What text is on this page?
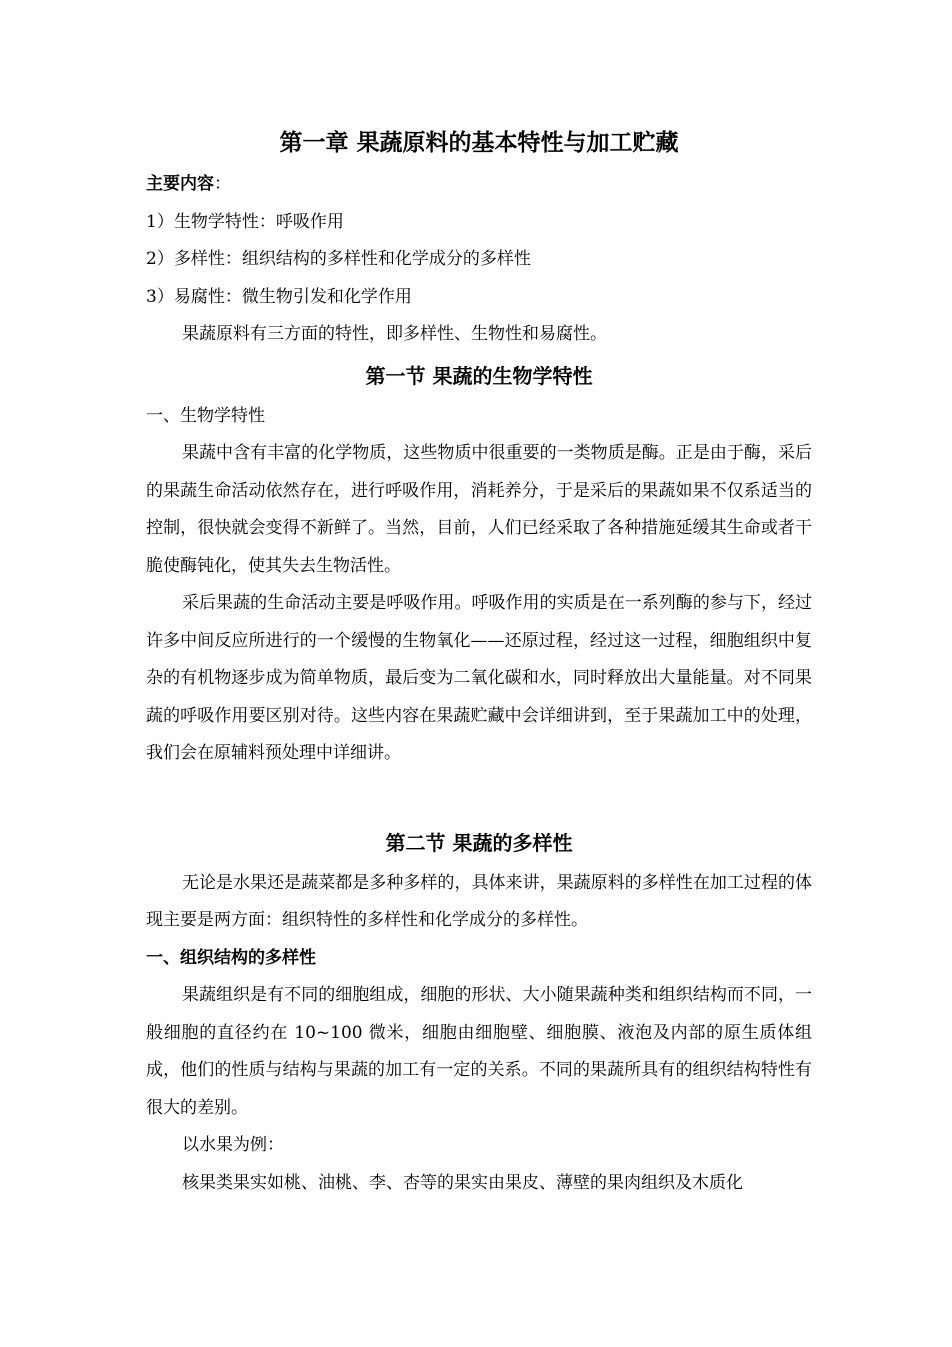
第一章 果蔬原料的基本特性与加工贮藏

主要内容：

1）生物学特性：呼吸作用

2）多样性：组织结构的多样性和化学成分的多样性

3）易腐性：微生物引发和化学作用

果蔬原料有三方面的特性，即多样性、生物性和易腐性。

第一节 果蔬的生物学特性

一、生物学特性

果蔬中含有丰富的化学物质，这些物质中很重要的一类物质是酶。正是由于酶，采后的果蔬生命活动依然存在，进行呼吸作用，消耗养分，于是采后的果蔬如果不仅系适当的控制，很快就会变得不新鲜了。当然，目前，人们已经采取了各种措施延缓其生命或者干脆使酶钝化，使其失去生物活性。

采后果蔬的生命活动主要是呼吸作用。呼吸作用的实质是在一系列酶的参与下，经过许多中间反应所进行的一个缓慢的生物氧化——还原过程，经过这一过程，细胞组织中复杂的有机物逐步成为简单物质，最后变为二氧化碳和水，同时释放出大量能量。对不同果蔬的呼吸作用要区别对待。这些内容在果蔬贮藏中会详细讲到，至于果蔬加工中的处理，我们会在原辅料预处理中详细讲。

第二节 果蔬的多样性

无论是水果还是蔬菜都是多种多样的，具体来讲，果蔬原料的多样性在加工过程的体现主要是两方面：组织特性的多样性和化学成分的多样性。

一、组织结构的多样性

果蔬组织是有不同的细胞组成，细胞的形状、大小随果蔬种类和组织结构而不同，一般细胞的直径约在 10~100 微米，细胞由细胞壁、细胞膜、液泡及内部的原生质体组成，他们的性质与结构与果蔬的加工有一定的关系。不同的果蔬所具有的组织结构特性有很大的差别。

以水果为例：

核果类果实如桃、油桃、李、杏等的果实由果皮、薄壁的果肉组织及木质化
